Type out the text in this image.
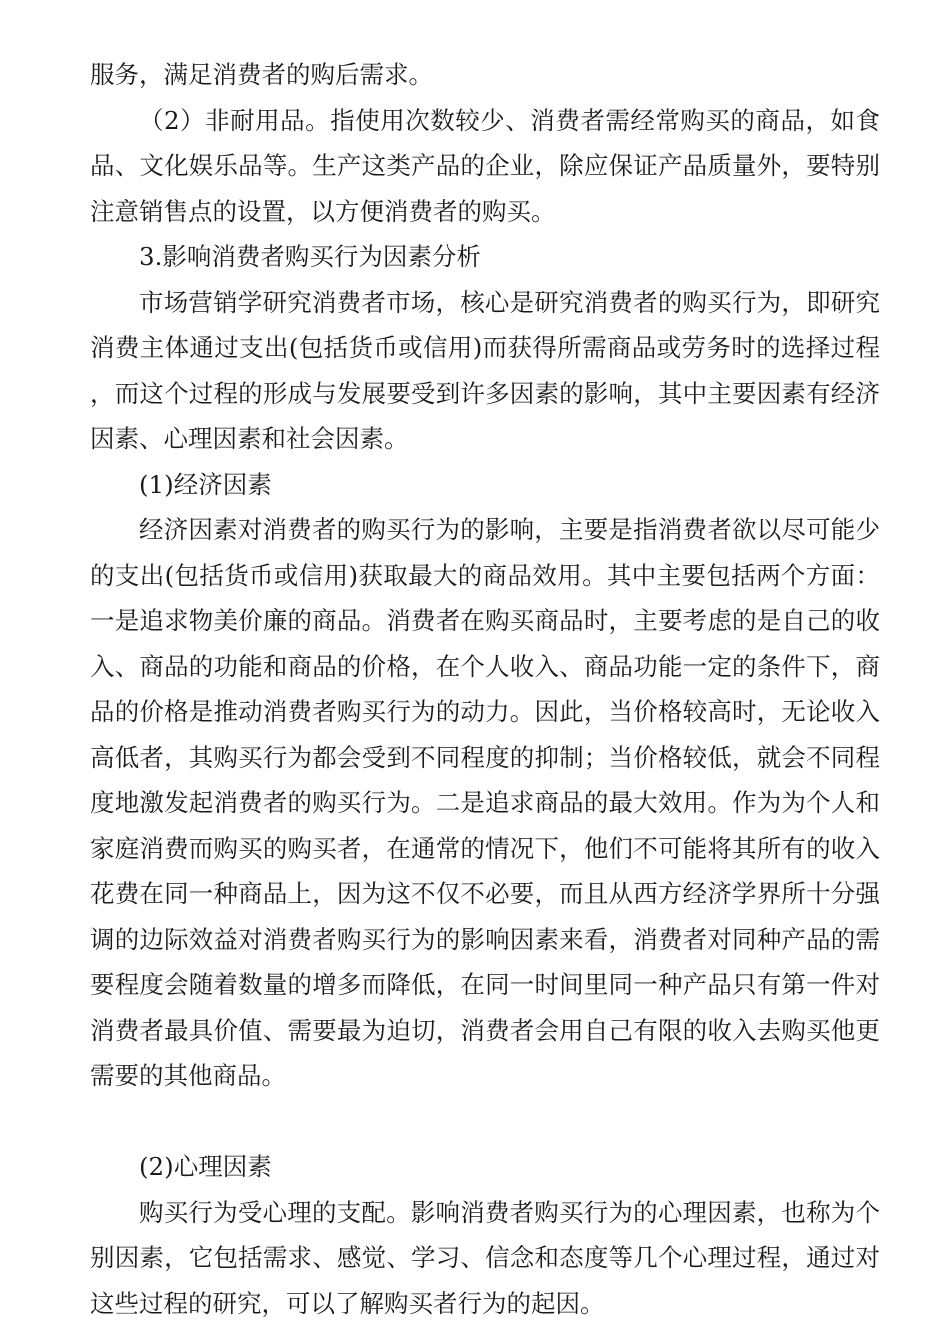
服务，满足消费者的购后需求。

（2）非耐用品。指使用次数较少、消费者需经常购买的商品，如食品、文化娱乐品等。生产这类产品的企业，除应保证产品质量外，要特别注意销售点的设置，以方便消费者的购买。

3.影响消费者购买行为因素分析

市场营销学研究消费者市场，核心是研究消费者的购买行为，即研究消费主体通过支出(包括货币或信用)而获得所需商品或劳务时的选择过程，而这个过程的形成与发展要受到许多因素的影响，其中主要因素有经济因素、心理因素和社会因素。

(1)经济因素

经济因素对消费者的购买行为的影响，主要是指消费者欲以尽可能少的支出(包括货币或信用)获取最大的商品效用。其中主要包括两个方面：一是追求物美价廉的商品。消费者在购买商品时，主要考虑的是自己的收入、商品的功能和商品的价格，在个人收入、商品功能一定的条件下，商品的价格是推动消费者购买行为的动力。因此，当价格较高时，无论收入高低者，其购买行为都会受到不同程度的抑制；当价格较低，就会不同程度地激发起消费者的购买行为。二是追求商品的最大效用。作为为个人和家庭消费而购买的购买者，在通常的情况下，他们不可能将其所有的收入花费在同一种商品上，因为这不仅不必要，而且从西方经济学界所十分强调的边际效益对消费者购买行为的影响因素来看，消费者对同种产品的需要程度会随着数量的增多而降低，在同一时间里同一种产品只有第一件对消费者最具价值、需要最为迫切，消费者会用自己有限的收入去购买他更需要的其他商品。

(2)心理因素

购买行为受心理的支配。影响消费者购买行为的心理因素，也称为个别因素，它包括需求、感觉、学习、信念和态度等几个心理过程，通过对这些过程的研究，可以了解购买者行为的起因。
